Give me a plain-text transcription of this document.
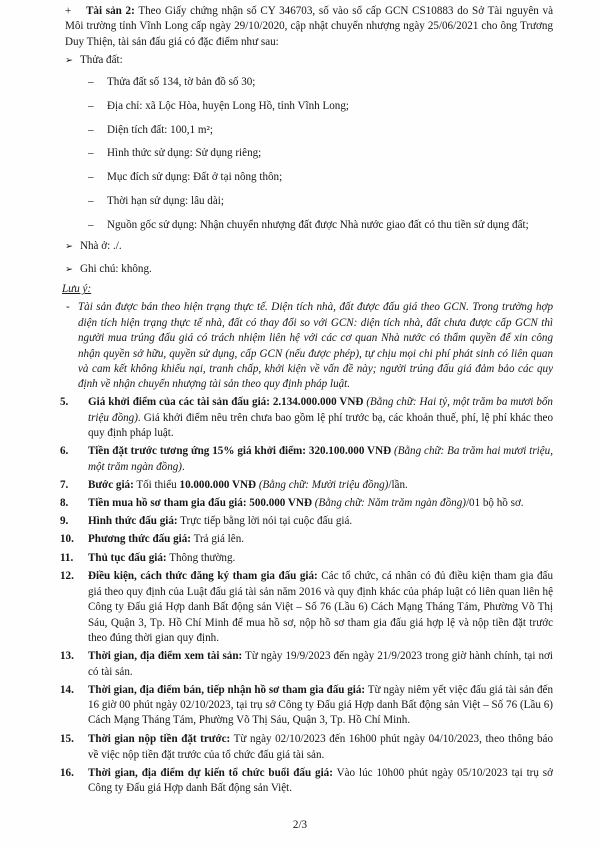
+ Tài sản 2: Theo Giấy chứng nhận số CY 346703, số vào sổ cấp GCN CS10883 do Sở Tài nguyên và Môi trường tỉnh Vĩnh Long cấp ngày 29/10/2020, cập nhật chuyển nhượng ngày 25/06/2021 cho ông Trương Duy Thiện, tài sản đấu giá có đặc điểm như sau:
➢ Thửa đất:
– Thửa đất số 134, tờ bản đồ số 30;
– Địa chỉ: xã Lộc Hòa, huyện Long Hồ, tỉnh Vĩnh Long;
– Diện tích đất: 100,1 m²;
– Hình thức sử dụng: Sử dụng riêng;
– Mục đích sử dụng: Đất ở tại nông thôn;
– Thời hạn sử dụng: lâu dài;
– Nguồn gốc sử dụng: Nhận chuyển nhượng đất được Nhà nước giao đất có thu tiền sử dụng đất;
➢ Nhà ở: ./.
➢ Ghi chú: không.
Lưu ý:
- Tài sản được bán theo hiện trạng thực tế. Diện tích nhà, đất được đấu giá theo GCN. Trong trường hợp diện tích hiện trạng thực tế nhà, đất có thay đổi so với GCN: diện tích nhà, đất chưa được cấp GCN thì người mua trúng đấu giá có trách nhiệm liên hệ với các cơ quan Nhà nước có thẩm quyền để xin công nhận quyền sở hữu, quyền sử dụng, cấp GCN (nếu được phép), tự chịu mọi chi phí phát sinh có liên quan và cam kết không khiếu nại, tranh chấp, khởi kiện về vấn đề này; người trúng đấu giá đảm bảo các quy định về nhận chuyển nhượng tài sản theo quy định pháp luật.
5. Giá khởi điểm của các tài sản đấu giá: 2.134.000.000 VNĐ (Bằng chữ: Hai tỷ, một trăm ba mươi bốn triệu đồng). Giá khởi điểm nêu trên chưa bao gồm lệ phí trước bạ, các khoản thuế, phí, lệ phí khác theo quy định pháp luật.
6. Tiền đặt trước tương ứng 15% giá khởi điểm: 320.100.000 VNĐ (Bằng chữ: Ba trăm hai mươi triệu, một trăm ngàn đồng).
7. Bước giá: Tối thiểu 10.000.000 VNĐ (Bằng chữ: Mười triệu đồng)/lần.
8. Tiền mua hồ sơ tham gia đấu giá: 500.000 VNĐ (Bằng chữ: Năm trăm ngàn đồng)/01 bộ hồ sơ.
9. Hình thức đấu giá: Trực tiếp bằng lời nói tại cuộc đấu giá.
10. Phương thức đấu giá: Trả giá lên.
11. Thủ tục đấu giá: Thông thường.
12. Điều kiện, cách thức đăng ký tham gia đấu giá: Các tổ chức, cá nhân có đủ điều kiện tham gia đấu giá theo quy định của Luật đấu giá tài sản năm 2016 và quy định khác của pháp luật có liên quan liên hệ Công ty Đấu giá Hợp danh Bất động sản Việt – Số 76 (Lầu 6) Cách Mạng Tháng Tám, Phường Võ Thị Sáu, Quận 3, Tp. Hồ Chí Minh để mua hồ sơ, nộp hồ sơ tham gia đấu giá hợp lệ và nộp tiền đặt trước theo đúng thời gian quy định.
13. Thời gian, địa điểm xem tài sản: Từ ngày 19/9/2023 đến ngày 21/9/2023 trong giờ hành chính, tại nơi có tài sản.
14. Thời gian, địa điểm bán, tiếp nhận hồ sơ tham gia đấu giá: Từ ngày niêm yết việc đấu giá tài sản đến 16 giờ 00 phút ngày 02/10/2023, tại trụ sở Công ty Đấu giá Hợp danh Bất động sản Việt – Số 76 (Lầu 6) Cách Mạng Tháng Tám, Phường Võ Thị Sáu, Quận 3, Tp. Hồ Chí Minh.
15. Thời gian nộp tiền đặt trước: Từ ngày 02/10/2023 đến 16h00 phút ngày 04/10/2023, theo thông báo về việc nộp tiền đặt trước của tổ chức đấu giá tài sản.
16. Thời gian, địa điểm dự kiến tổ chức buổi đấu giá: Vào lúc 10h00 phút ngày 05/10/2023 tại trụ sở Công ty Đấu giá Hợp danh Bất động sản Việt.
2/3
